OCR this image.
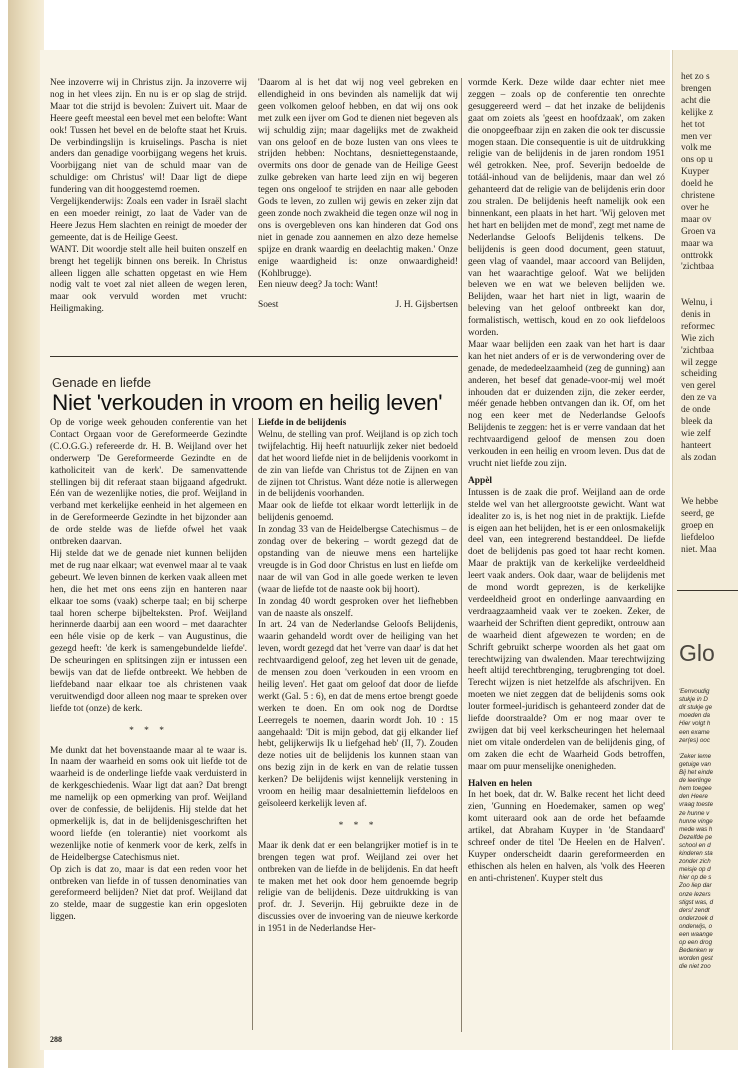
Nee inzoverre wij in Christus zijn. Ja inzoverre wij nog in het vlees zijn. En nu is er op slag de strijd. Maar tot die strijd is bevolen: Zuivert uit. Maar de Heere geeft meestal een bevel met een belofte: Want ook! Tussen het bevel en de belofte staat het Kruis. De verbindingslijn is kruiselings. Pascha is niet anders dan genadige voorbijgang wegens het kruis. Voorbijgang niet van de schuld maar van de schuldige: om Christus' wil! Daar ligt de diepe fundering van dit hooggestemd roemen.

Vergelijkenderwijs: Zoals een vader in Israël slacht en een moeder reinigt, zo laat de Vader van de Heere Jezus Hem slachten en reinigt de moeder der gemeente, dat is de Heilige Geest.

WANT. Dit woordje stelt alle heil buiten onszelf en brengt het tegelijk binnen ons bereik. In Christus alleen liggen alle schatten opgetast en wie Hem nodig valt te voet zal niet alleen de wegen leren, maar ook vervuld worden met vrucht: Heiligmaking.

'Daarom al is het dat wij nog veel gebreken en ellendigheid in ons bevinden als namelijk dat wij geen volkomen geloof hebben, en dat wij ons ook met zulk een ijver om God te dienen niet begeven als wij schuldig zijn; maar dagelijks met de zwakheid van ons geloof en de boze lusten van ons vlees te strijden hebben: Nochtans, desniettegenstaande, overmits ons door de genade van de Heilige Geest zulke gebreken van harte leed zijn en wij begeren tegen ons ongeloof te strijden en naar alle geboden Gods te leven, zo zullen wij gewis en zeker zijn dat geen zonde noch zwakheid die tegen onze wil nog in ons is overgebleven ons kan hinderen dat God ons niet in genade zou aannemen en alzo deze hemelse spijze en drank waardig en deelachtig maken.' Onze enige waardigheid is: onze onwaardigheid! (Kohlbrugge).

Een nieuw deeg? Ja toch: Want!

Soest	J. H. Gijsbertsen

Genade en liefde
Niet 'verkouden in vroom en heilig leven'

Op de vorige week gehouden conferentie van het Contact Orgaan voor de Gereformeerde Gezindte (C.O.G.G.) refereerde dr. H. B. Weijland over het onderwerp 'De Gereformeerde Gezindte en de katholiciteit van de kerk'. De samenvattende stellingen bij dit referaat staan bijgaand afgedrukt. Eén van de wezenlijke noties, die prof. Weijland in verband met kerkelijke eenheid in het algemeen en in de Gereformeerde Gezindte in het bijzonder aan de orde stelde was de liefde ofwel het vaak ontbreken daarvan.

Hij stelde dat we de genade niet kunnen belijden met de rug naar elkaar; wat evenwel maar al te vaak gebeurt. We leven binnen de kerken vaak alleen met hen, die het met ons eens zijn en hanteren naar elkaar toe soms (vaak) scherpe taal; en bij scherpe taal horen scherpe bijbelteksten. Prof. Weijland herinnerde daarbij aan een woord – met daarachter een héle visie op de kerk – van Augustinus, die gezegd heeft: 'de kerk is samengebundelde liefde'. De scheuringen en splitsingen zijn er intussen een bewijs van dat de liefde ontbreekt. We hebben de liefdeband naar elkaar toe als christenen vaak veruitwendigd door alleen nog maar te spreken over liefde tot (onze) de kerk.

* * *

Me dunkt dat het bovenstaande maar al te waar is. In naam der waarheid en soms ook uit liefde tot de waarheid is de onderlinge liefde vaak verduisterd in de kerkgeschiedenis. Waar ligt dat aan? Dat brengt me namelijk op een opmerking van prof. Weijland over de confessie, de belijdenis. Hij stelde dat het opmerkelijk is, dat in de belijdenisgeschriften het woord liefde (en tolerantie) niet voorkomt als wezenlijke notie of kenmerk voor de kerk, zelfs in de Heidelbergse Catechismus niet.

Op zich is dat zo, maar is dat een reden voor het ontbreken van liefde in of tussen denominaties van gereformeerd belijden? Niet dat prof. Weijland dat zo stelde, maar de suggestie kan erin opgesloten liggen.

Liefde in de belijdenis

Welnu, de stelling van prof. Weijland is op zich toch twijfelachtig. Hij heeft natuurlijk zeker niet bedoeld dat het woord liefde niet in de belijdenis voorkomt in de zin van liefde van Christus tot de Zijnen en van de zijnen tot Christus. Want déze notie is allerwegen in de belijdenis voorhanden.

Maar ook de liefde tot elkaar wordt letterlijk in de belijdenis genoemd.

In zondag 33 van de Heidelbergse Catechismus – de zondag over de bekering – wordt gezegd dat de opstanding van de nieuwe mens een hartelijke vreugde is in God door Christus en lust en liefde om naar de wil van God in alle goede werken te leven (waar de liefde tot de naaste ook bij hoort).

In zondag 40 wordt gesproken over het liefhebben van de naaste als onszelf.

In art. 24 van de Nederlandse Geloofs Belijdenis, waarin gehandeld wordt over de heiliging van het leven, wordt gezegd dat het 'verre van daar' is dat het rechtvaardigend geloof, zeg het leven uit de genade, de mensen zou doen 'verkouden in een vroom en heilig leven'. Het gaat om geloof dat door de liefde werkt (Gal. 5 : 6), en dat de mens ertoe brengt goede werken te doen. En om ook nog de Dordtse Leerregels te noemen, daarin wordt Joh. 10 : 15 aangehaald: 'Dit is mijn gebod, dat gij elkander lief hebt, gelijkerwijs Ik u liefgehad heb' (II, 7). Zouden deze noties uit de belijdenis los kunnen staan van ons bezig zijn in de kerk en van de relatie tussen kerken? De belijdenis wijst kennelijk verstening in vroom en heilig maar desalniettemin liefdeloos en geïsoleerd kerkelijk leven af.

* * *

Maar ik denk dat er een belangrijker motief is in te brengen tegen wat prof. Weijland zei over het ontbreken van de liefde in de belijdenis. En dat heeft te maken met het ook door hem genoemde begrip religie van de belijdenis. Deze uitdrukking is van prof. dr. J. Severijn. Hij gebruikte deze in de discussies over de invoering van de nieuwe kerkorde in 1951 in de Nederlandse Her-

vormde Kerk. Deze wilde daar echter niet mee zeggen – zoals op de conferentie ten onrechte gesuggereerd werd – dat het inzake de belijdenis gaat om zoiets als 'geest en hoofdzaak', om zaken die onopgeefbaar zijn en zaken die ook ter discussie mogen staan. Die consequentie is uit de uitdrukking religie van de belijdenis in de jaren rondom 1951 wél getrokken. Nee, prof. Severijn bedoelde de totáál-inhoud van de belijdenis, maar dan wel zó gehanteerd dat de religie van de belijdenis erin door zou stralen. De belijdenis heeft namelijk ook een binnenkant, een plaats in het hart. 'Wij geloven met het hart en belijden met de mond', zegt met name de Nederlandse Geloofs Belijdenis telkens. De belijdenis is geen dood document, geen statuut, geen vlag of vaandel, maar accoord van Belijden, van het waarachtige geloof. Wat we belijden beleven we en wat we beleven belijden we. Belijden, waar het hart niet in ligt, waarin de beleving van het geloof ontbreekt kan dor, formalistisch, wettisch, koud en zo ook liefdeloos worden.

Maar waar belijden een zaak van het hart is daar kan het niet anders of er is de verwondering over de genade, de mededeelzaamheid (zeg de gunning) aan anderen, het besef dat genade-voor-mij wel moét inhouden dat er duizenden zijn, die zeker eerder, méér genade hebben ontvangen dan ik. Of, om het nog een keer met de Nederlandse Geloofs Belijdenis te zeggen: het is er verre vandaan dat het rechtvaardigend geloof de mensen zou doen verkouden in een heilig en vroom leven. Dus dat de vrucht niet liefde zou zijn.

Appèl

Intussen is de zaak die prof. Weijland aan de orde stelde wel van het allergrootste gewicht. Want wat idealiter zo is, is het nog niet in de praktijk. Liefde is eigen aan het belijden, het is er een onlosmakelijk deel van, een integrerend bestanddeel. De liefde doet de belijdenis pas goed tot haar recht komen. Maar de praktijk van de kerkelijke verdeeldheid leert vaak anders. Ook daar, waar de belijdenis met de mond wordt geprezen, is de kerkelijke verdeeldheid groot en onderlinge aanvaarding en verdraagzaamheid vaak ver te zoeken. Zeker, de waarheid der Schriften dient gepredikt, ontrouw aan de waarheid dient afgewezen te worden; en de Schrift gebruikt scherpe woorden als het gaat om terechtwijzing van dwalenden. Maar terechtwijzing heeft altijd terechtbrenging, terugbrenging tot doel. Terecht wijzen is niet hetzelfde als afschrijven. En moeten we niet zeggen dat de belijdenis soms ook louter formeel-juridisch is gehanteerd zonder dat de liefde doorstraalde? Om er nog maar over te zwijgen dat bij veel kerkscheuringen het helemaal niet om vitale onderdelen van de belijdenis ging, of om zaken die echt de Waarheid Gods betroffen, maar om puur menselijke onenigheden.

Halven en helen

In het boek, dat dr. W. Balke recent het licht deed zien, 'Gunning en Hoedemaker, samen op weg' komt uiteraard ook aan de orde het befaamde artikel, dat Abraham Kuyper in 'de Standaard' schreef onder de titel 'De Heelen en de Halven'. Kuyper onderscheidt daarin gereformeerden en ethischen als helen en halven, als 'volk des Heeren en anti-christenen'. Kuyper stelt dus

288
het zo s
brengen
acht die
kelijke z
het tot
men ver
volk me
ons op u
Kuyper
doeld he
christene
over he
maar ov
Groen va
maar wa
onttrokk
'zichtbaa
Welnu, i
denis in
reformec
Wie zich
'zichtbaa
wil zegge
scheiding
ven gerel
den ze va
de onde
bleek da
wie zelf
hanteert
als zodan
We hebbe
seerd, ge
groep en
liefdeloo
niet. Maa
Glo
'Eenvoudig
stukje in D
dit stukje ge
moeden da
Hier volgt h
een exame
zer(es) ooc
'Zeker leme
getuige van
Bij het einde
de leerlinge
hem toegee
den Heere
vraag toeste
ze hunne v
hunne vinge
mede was h
Dezelfde pe
school en d
kinderen sta
zonder zich
meisje op d
hier op de s
Zoo liep dar
onze lezers
stigst was, d
ders! zendt
onderzoek d
onderwijs, o
een waange
op een drog
Bedenken w
worden gest
die niet zoo
